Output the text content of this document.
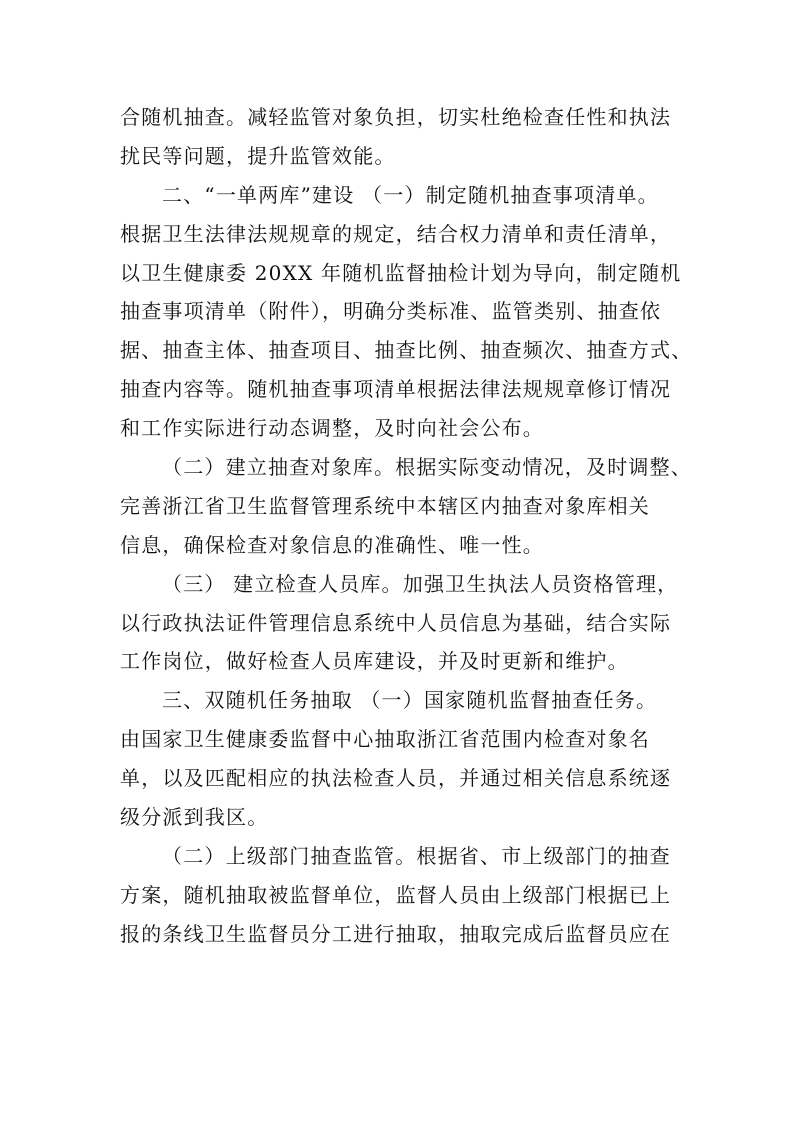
合随机抽查。减轻监管对象负担，切实杜绝检查任性和执法
扰民等问题，提升监管效能。
二、“一单两库”建设 （一）制定随机抽查事项清单。
根据卫生法律法规规章的规定，结合权力清单和责任清单，
以卫生健康委 20XX 年随机监督抽检计划为导向，制定随机
抽查事项清单（附件），明确分类标准、监管类别、抽查依
据、抽查主体、抽查项目、抽查比例、抽查频次、抽查方式、
抽查内容等。随机抽查事项清单根据法律法规规章修订情况
和工作实际进行动态调整，及时向社会公布。
（二）建立抽查对象库。根据实际变动情况，及时调整、
完善浙江省卫生监督管理系统中本辖区内抽查对象库相关
信息，确保检查对象信息的准确性、唯一性。
（三） 建立检查人员库。加强卫生执法人员资格管理，
以行政执法证件管理信息系统中人员信息为基础，结合实际
工作岗位，做好检查人员库建设，并及时更新和维护。
三、双随机任务抽取 （一）国家随机监督抽查任务。
由国家卫生健康委监督中心抽取浙江省范围内检查对象名
单，以及匹配相应的执法检查人员，并通过相关信息系统逐
级分派到我区。
（二）上级部门抽查监管。根据省、市上级部门的抽查
方案，随机抽取被监督单位，监督人员由上级部门根据已上
报的条线卫生监督员分工进行抽取，抽取完成后监督员应在
